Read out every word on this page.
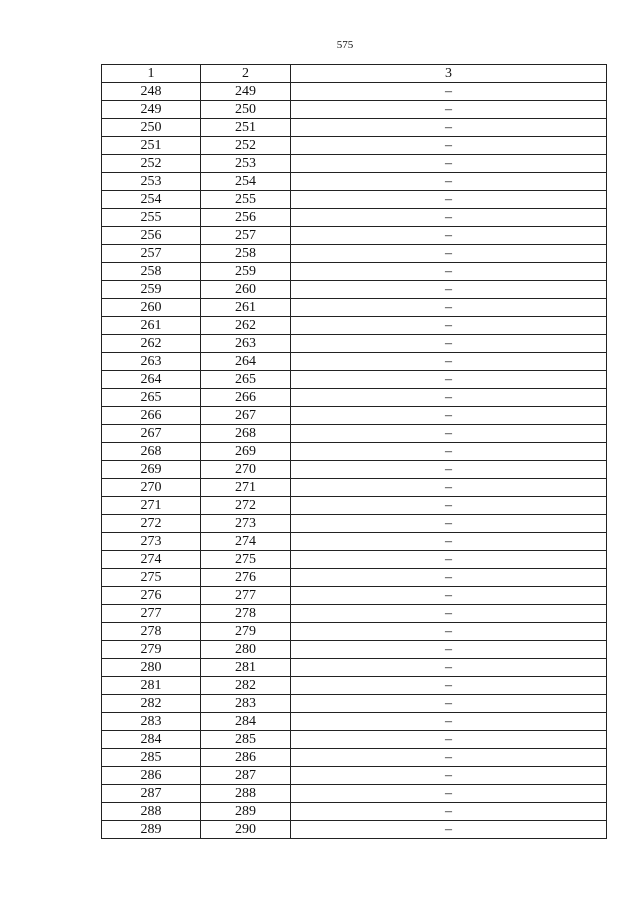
575
1	2	3
248	249	–
249	250	–
250	251	–
251	252	–
252	253	–
253	254	–
254	255	–
255	256	–
256	257	–
257	258	–
258	259	–
259	260	–
260	261	–
261	262	–
262	263	–
263	264	–
264	265	–
265	266	–
266	267	–
267	268	–
268	269	–
269	270	–
270	271	–
271	272	–
272	273	–
273	274	–
274	275	–
275	276	–
276	277	–
277	278	–
278	279	–
279	280	–
280	281	–
281	282	–
282	283	–
283	284	–
284	285	–
285	286	–
286	287	–
287	288	–
288	289	–
289	290	–
